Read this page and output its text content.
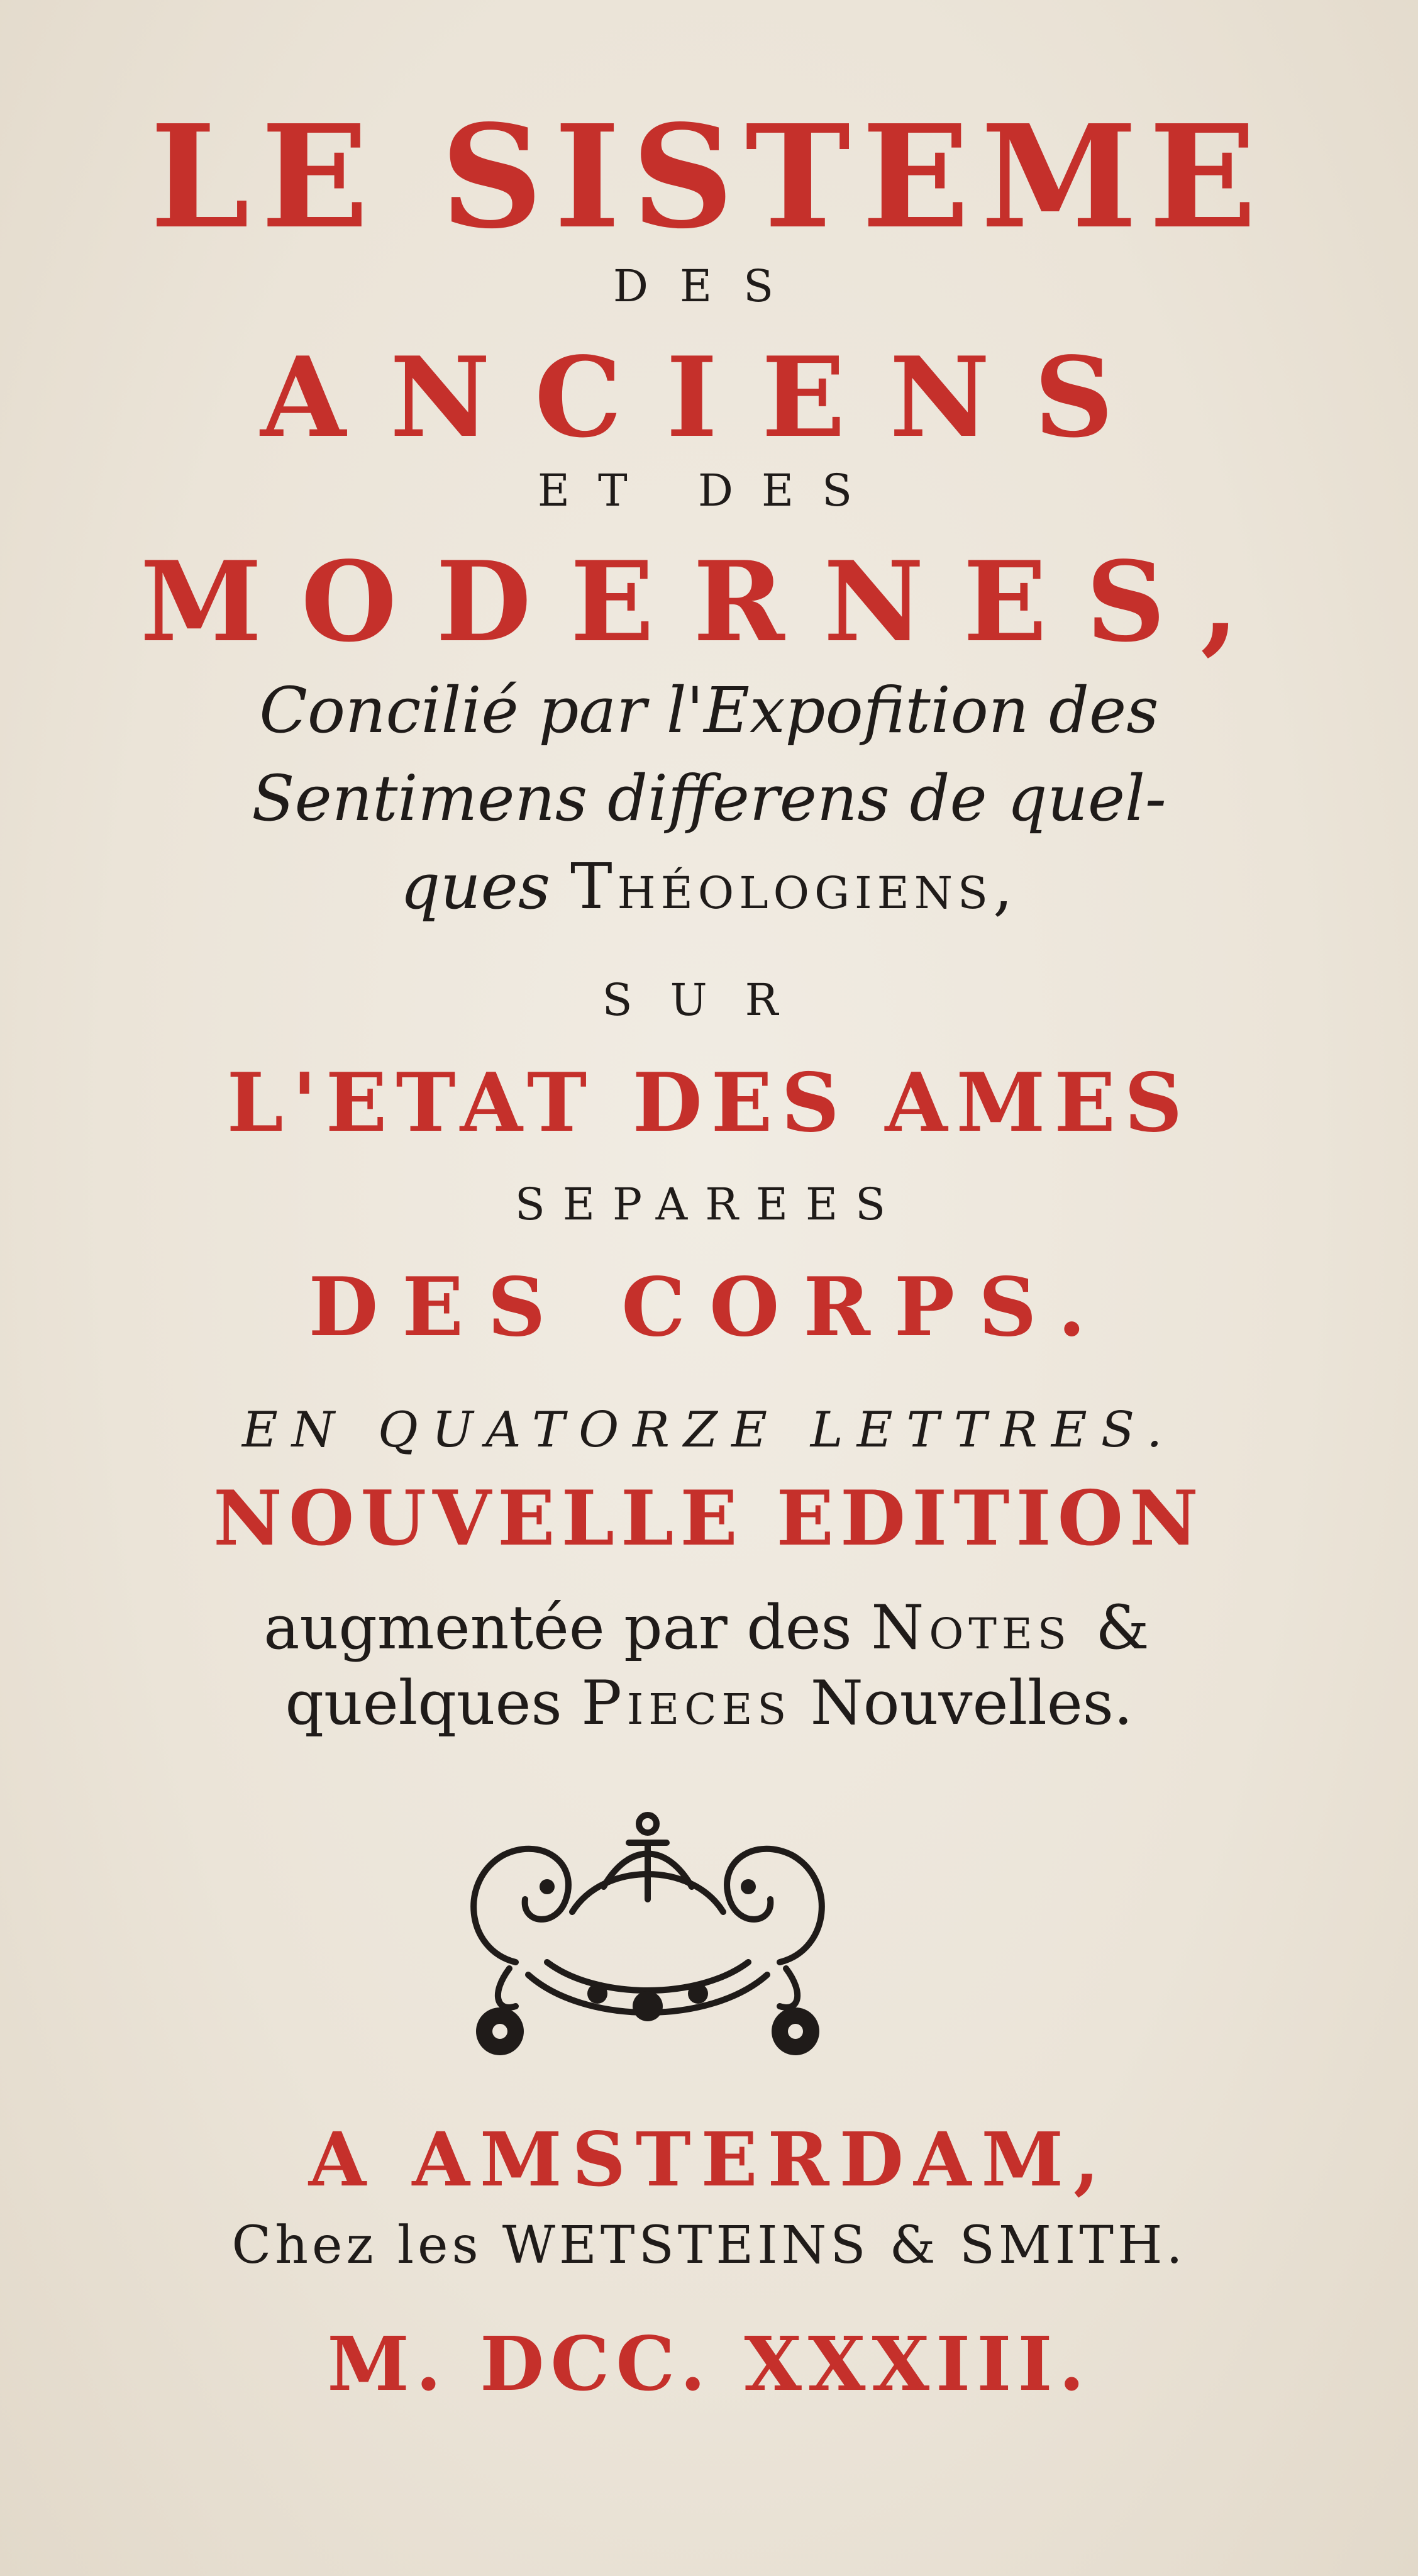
LE SISTEME
DES
ANCIENS
ET DES
MODERNES,
Concilié par l'Expofition des
Sentimens differens de quel-
ques Théologiens,
SUR
L'ETAT DES AMES
SEPAREES
DES CORPS.
EN QUATORZE LETTRES.
NOUVELLE EDITION
augmentée par des Notes &
quelques Pieces Nouvelles.
A AMSTERDAM,
Chez les WETSTEINS & SMITH.
M. DCC. XXXIII.
